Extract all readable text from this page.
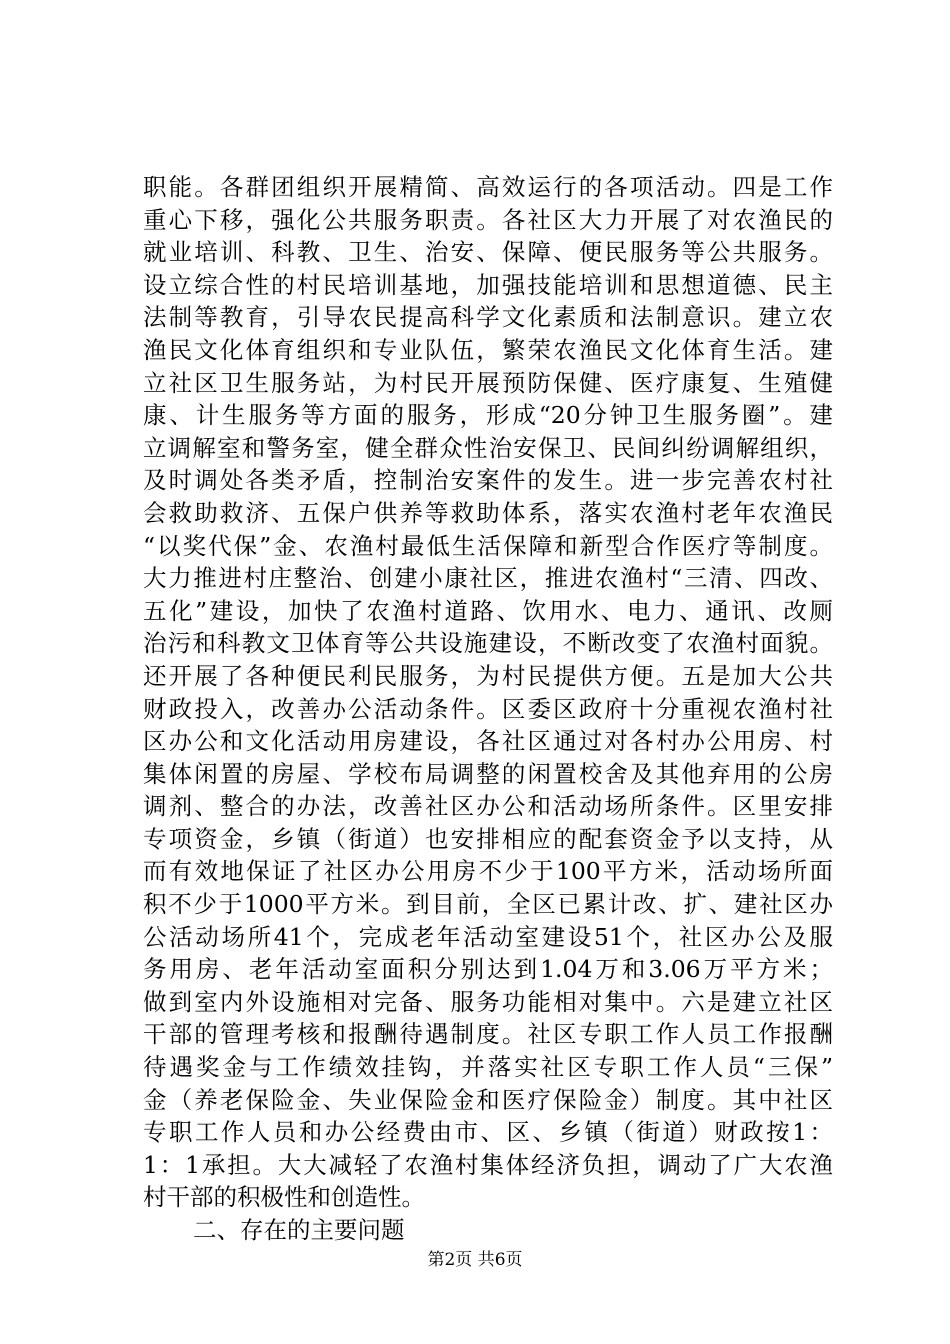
职能。各群团组织开展精简、高效运行的各项活动。四是工作
重心下移，强化公共服务职责。各社区大力开展了对农渔民的
就业培训、科教、卫生、治安、保障、便民服务等公共服务。
设立综合性的村民培训基地，加强技能培训和思想道德、民主
法制等教育，引导农民提高科学文化素质和法制意识。建立农
渔民文化体育组织和专业队伍，繁荣农渔民文化体育生活。建
立社区卫生服务站，为村民开展预防保健、医疗康复、生殖健
康、计生服务等方面的服务，形成“20分钟卫生服务圈”。建
立调解室和警务室，健全群众性治安保卫、民间纠纷调解组织，
及时调处各类矛盾，控制治安案件的发生。进一步完善农村社
会救助救济、五保户供养等救助体系，落实农渔村老年农渔民
“以奖代保”金、农渔村最低生活保障和新型合作医疗等制度。
大力推进村庄整治、创建小康社区，推进农渔村“三清、四改、
五化”建设，加快了农渔村道路、饮用水、电力、通讯、改厕
治污和科教文卫体育等公共设施建设，不断改变了农渔村面貌。
还开展了各种便民利民服务，为村民提供方便。五是加大公共
财政投入，改善办公活动条件。区委区政府十分重视农渔村社
区办公和文化活动用房建设，各社区通过对各村办公用房、村
集体闲置的房屋、学校布局调整的闲置校舍及其他弃用的公房
调剂、整合的办法，改善社区办公和活动场所条件。区里安排
专项资金，乡镇（街道）也安排相应的配套资金予以支持，从
而有效地保证了社区办公用房不少于100平方米，活动场所面
积不少于1000平方米。到目前，全区已累计改、扩、建社区办
公活动场所41个，完成老年活动室建设51个，社区办公及服
务用房、老年活动室面积分别达到1.04万和3.06万平方米；
做到室内外设施相对完备、服务功能相对集中。六是建立社区
干部的管理考核和报酬待遇制度。社区专职工作人员工作报酬
待遇奖金与工作绩效挂钩，并落实社区专职工作人员“三保”
金（养老保险金、失业保险金和医疗保险金）制度。其中社区
专职工作人员和办公经费由市、区、乡镇（街道）财政按1：
1：1承担。大大减轻了农渔村集体经济负担，调动了广大农渔
村干部的积极性和创造性。
二、存在的主要问题
第2页 共6页
